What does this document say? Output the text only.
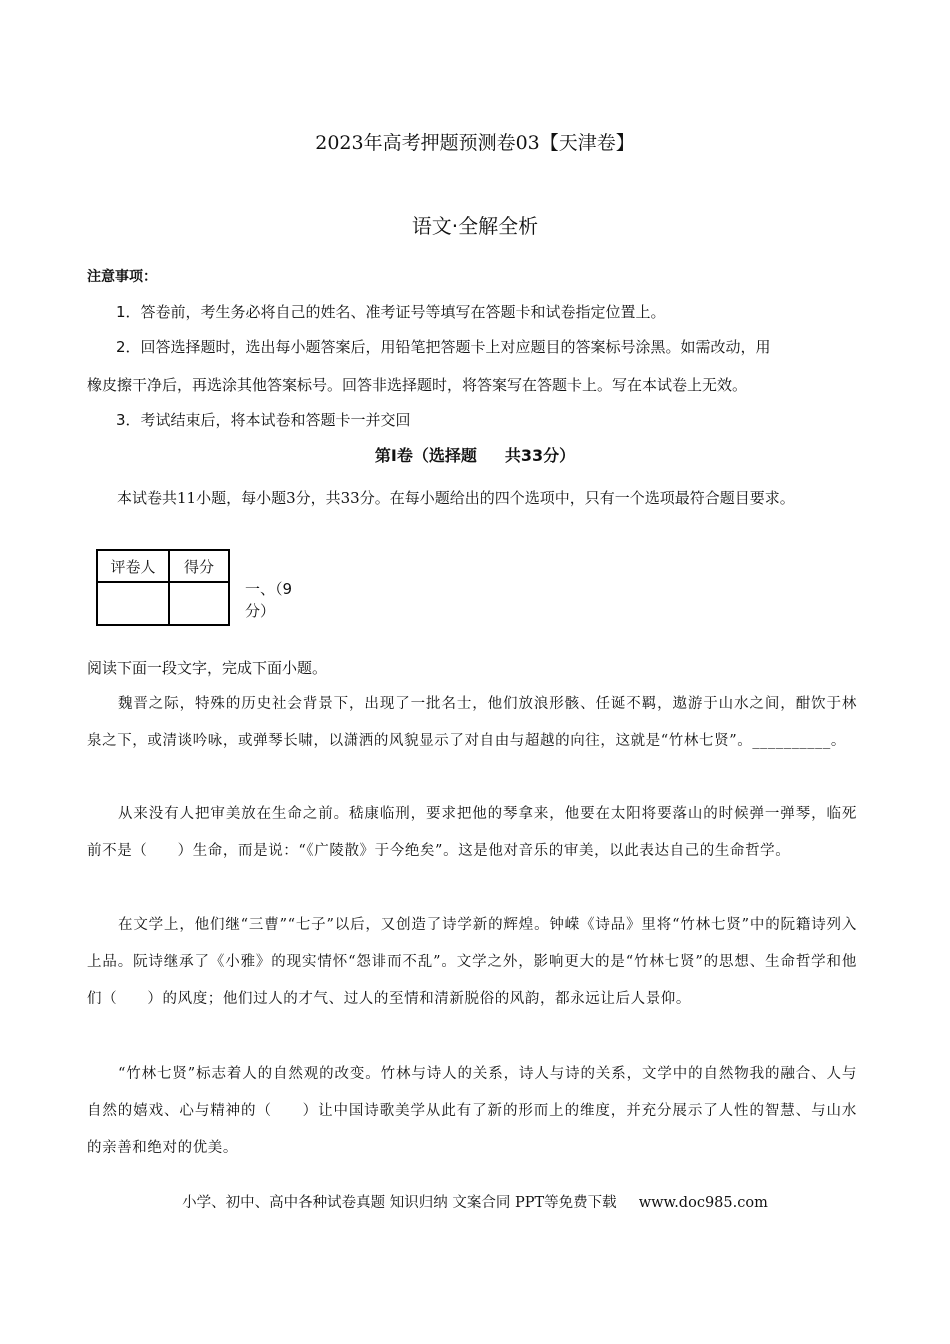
2023年高考押题预测卷03【天津卷】
语文·全解全析
注意事项：
1．答卷前，考生务必将自己的姓名、准考证号等填写在答题卡和试卷指定位置上。
2．回答选择题时，选出每小题答案后，用铅笔把答题卡上对应题目的答案标号涂黑。如需改动，用
橡皮擦干净后，再选涂其他答案标号。回答非选择题时，将答案写在答题卡上。写在本试卷上无效。
3．考试结束后，将本试卷和答题卡一并交回
第Ⅰ卷（选择题 共33分）
本试卷共11小题，每小题3分，共33分。在每小题给出的四个选项中，只有一个选项最符合题目要求。
评卷人	得分

一、（9
分）
阅读下面一段文字，完成下面小题。
魏晋之际，特殊的历史社会背景下，出现了一批名士，他们放浪形骸、任诞不羁，遨游于山水之间，酣饮于林泉之下，或清谈吟咏，或弹琴长啸，以潇洒的风貌显示了对自由与超越的向往，这就是“竹林七贤”。__________。
从来没有人把审美放在生命之前。嵇康临刑，要求把他的琴拿来，他要在太阳将要落山的时候弹一弹琴，临死前不是（　　）生命，而是说：“《广陵散》于今绝矣”。这是他对音乐的审美，以此表达自己的生命哲学。
在文学上，他们继“三曹”“七子”以后，又创造了诗学新的辉煌。钟嵘《诗品》里将“竹林七贤”中的阮籍诗列入上品。阮诗继承了《小雅》的现实情怀“怨诽而不乱”。文学之外，影响更大的是“竹林七贤”的思想、生命哲学和他们（　　）的风度；他们过人的才气、过人的至情和清新脱俗的风韵，都永远让后人景仰。
“竹林七贤”标志着人的自然观的改变。竹林与诗人的关系，诗人与诗的关系，文学中的自然物我的融合、人与自然的嬉戏、心与精神的（　　）让中国诗歌美学从此有了新的形而上的维度，并充分展示了人性的智慧、与山水的亲善和绝对的优美。
小学、初中、高中各种试卷真题 知识归纳 文案合同 PPT等免费下载 www.doc985.com
